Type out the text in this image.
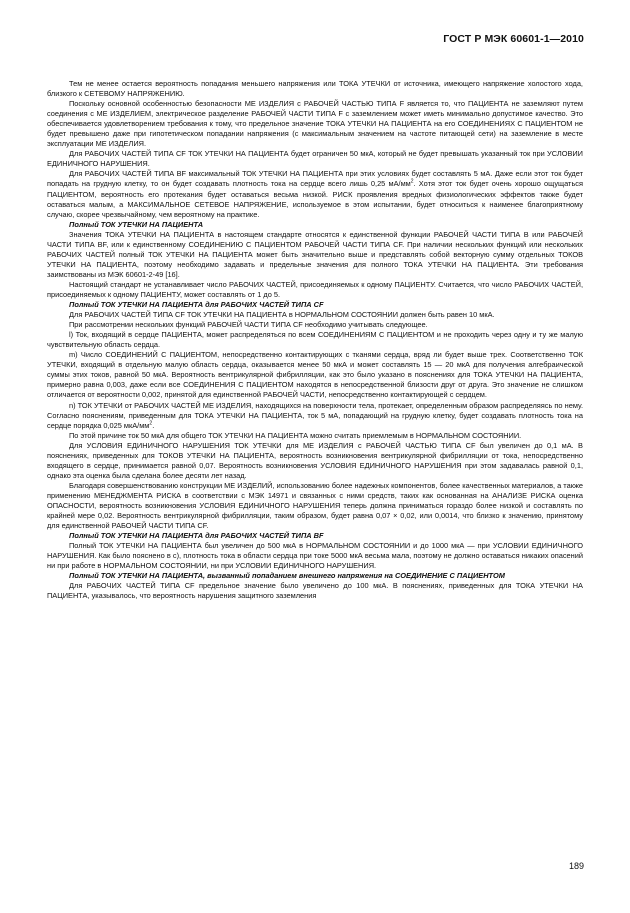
ГОСТ Р МЭК 60601-1—2010

Тем не менее остается вероятность попадания меньшего напряжения или ТОКА УТЕЧКИ от источника, имеющего напряжение холостого хода, близкого к СЕТЕВОМУ НАПРЯЖЕНИЮ.

Поскольку основной особенностью безопасности МЕ ИЗДЕЛИЯ с РАБОЧЕЙ ЧАСТЬЮ ТИПА F является то, что ПАЦИЕНТА не заземляют путем соединения с МЕ ИЗДЕЛИЕМ, электрическое разделение РАБОЧЕЙ ЧАСТИ ТИПА F с заземлением может иметь минимально допустимое качество. Это обеспечивается удовлетворением требования к тому, что предельное значение ТОКА УТЕЧКИ НА ПАЦИЕНТА на его СОЕДИНЕНИЯХ С ПАЦИЕНТОМ не будет превышено даже при гипотетическом попадании напряжения (с максимальным значением на частоте питающей сети) на заземление в месте эксплуатации МЕ ИЗДЕЛИЯ.

Для РАБОЧИХ ЧАСТЕЙ ТИПА CF ТОК УТЕЧКИ НА ПАЦИЕНТА будет ограничен 50 мкА, который не будет превышать указанный ток при УСЛОВИИ ЕДИНИЧНОГО НАРУШЕНИЯ.

Для РАБОЧИХ ЧАСТЕЙ ТИПА BF максимальный ТОК УТЕЧКИ НА ПАЦИЕНТА при этих условиях будет составлять 5 мА. Даже если этот ток будет попадать на грудную клетку, то он будет создавать плотность тока на сердце всего лишь 0,25 $мА/мм^2$. Хотя этот ток будет очень хорошо ощущаться ПАЦИЕНТОМ, вероятность его протекания будет оставаться весьма низкой. РИСК проявления вредных физиологических эффектов также будет оставаться малым, а МАКСИМАЛЬНОЕ СЕТЕВОЕ НАПРЯЖЕНИЕ, используемое в этом испытании, будет относиться к наименее благоприятному случаю, скорее чрезвычайному, чем вероятному на практике.

Полный ТОК УТЕЧКИ НА ПАЦИЕНТА

Значения ТОКА УТЕЧКИ НА ПАЦИЕНТА в настоящем стандарте относятся к единственной функции РАБОЧЕЙ ЧАСТИ ТИПА В или РАБОЧЕЙ ЧАСТИ ТИПА BF, или к единственному СОЕДИНЕНИЮ С ПАЦИЕНТОМ РАБОЧЕЙ ЧАСТИ ТИПА CF. При наличии нескольких функций или нескольких РАБОЧИХ ЧАСТЕЙ полный ТОК УТЕЧКИ НА ПАЦИЕНТА может быть значительно выше и представлять собой векторную сумму отдельных ТОКОВ УТЕЧКИ НА ПАЦИЕНТА, поэтому необходимо задавать и предельные значения для полного ТОКА УТЕЧКИ НА ПАЦИЕНТА. Эти требования заимствованы из МЭК 60601-2-49 [16].

Настоящий стандарт не устанавливает число РАБОЧИХ ЧАСТЕЙ, присоединяемых к одному ПАЦИЕНТУ. Считается, что число РАБОЧИХ ЧАСТЕЙ, присоединяемых к одному ПАЦИЕНТУ, может составлять от 1 до 5.

Полный ТОК УТЕЧКИ НА ПАЦИЕНТА для РАБОЧИХ ЧАСТЕЙ ТИПА CF

Для РАБОЧИХ ЧАСТЕЙ ТИПА CF ТОК УТЕЧКИ НА ПАЦИЕНТА в НОРМАЛЬНОМ СОСТОЯНИИ должен быть равен 10 мкА.

При рассмотрении нескольких функций РАБОЧЕЙ ЧАСТИ ТИПА CF необходимо учитывать следующее.

l) Ток, входящий в сердце ПАЦИЕНТА, может распределяться по всем СОЕДИНЕНИЯМ С ПАЦИЕНТОМ и не проходить через одну и ту же малую чувствительную область сердца.

m) Число СОЕДИНЕНИЙ С ПАЦИЕНТОМ, непосредственно контактирующих с тканями сердца, вряд ли будет выше трех. Соответственно ТОК УТЕЧКИ, входящий в отдельную малую область сердца, оказывается менее 50 мкА и может составлять 15 — 20 мкА для получения алгебраической суммы этих токов, равной 50 мкА. Вероятность вентрикулярной фибрилляции, как это было указано в пояснениях для ТОКА УТЕЧКИ НА ПАЦИЕНТА, примерно равна 0,003, даже если все СОЕДИНЕНИЯ С ПАЦИЕНТОМ находятся в непосредственной близости друг от друга. Это значение не слишком отличается от вероятности 0,002, принятой для единственной РАБОЧЕЙ ЧАСТИ, непосредственно контактирующей с сердцем.

n) ТОК УТЕЧКИ от РАБОЧИХ ЧАСТЕЙ МЕ ИЗДЕЛИЯ, находящихся на поверхности тела, протекает, определенным образом распределяясь по нему. Согласно пояснениям, приведенным для ТОКА УТЕЧКИ НА ПАЦИЕНТА, ток 5 мА, попадающий на грудную клетку, будет создавать плотность тока на сердце порядка 0,025 мкА/$мм^2$.

По этой причине ток 50 мкА для общего ТОК УТЕЧКИ НА ПАЦИЕНТА можно считать приемлемым в НОРМАЛЬНОМ СОСТОЯНИИ.

Для УСЛОВИЯ ЕДИНИЧНОГО НАРУШЕНИЯ ТОК УТЕЧКИ для МЕ ИЗДЕЛИЯ с РАБОЧЕЙ ЧАСТЬЮ ТИПА CF был увеличен до 0,1 мА. В пояснениях, приведенных для ТОКОВ УТЕЧКИ НА ПАЦИЕНТА, вероятность возникновения вентрикулярной фибрилляции от тока, непосредственно входящего в сердце, принимается равной 0,07. Вероятность возникновения УСЛОВИЯ ЕДИНИЧНОГО НАРУШЕНИЯ при этом задавалась равной 0,1, однако эта оценка была сделана более десяти лет назад.

Благодаря совершенствованию конструкции МЕ ИЗДЕЛИЙ, использованию более надежных компонентов, более качественных материалов, а также применению МЕНЕДЖМЕНТА РИСКА в соответствии с МЭК 14971 и связанных с ними средств, таких как основанная на АНАЛИЗЕ РИСКА оценка ОПАСНОСТИ, вероятность возникновения УСЛОВИЯ ЕДИНИЧНОГО НАРУШЕНИЯ теперь должна приниматься гораздо более низкой и составлять по крайней мере 0,02. Вероятность вентрикулярной фибрилляции, таким образом, будет равна 0,07 × 0,02, или 0,0014, что близко к значению, принятому для единственной РАБОЧЕЙ ЧАСТИ ТИПА CF.

Полный ТОК УТЕЧКИ НА ПАЦИЕНТА для РАБОЧИХ ЧАСТЕЙ ТИПА BF

Полный ТОК УТЕЧКИ НА ПАЦИЕНТА был увеличен до 500 мкА в НОРМАЛЬНОМ СОСТОЯНИИ и до 1000 мкА — при УСЛОВИИ ЕДИНИЧНОГО НАРУШЕНИЯ. Как было пояснено в с), плотность тока в области сердца при токе 5000 мкА весьма мала, поэтому не должно оставаться никаких опасений ни при работе в НОРМАЛЬНОМ СОСТОЯНИИ, ни при УСЛОВИИ ЕДИНИЧНОГО НАРУШЕНИЯ.

Полный ТОК УТЕЧКИ НА ПАЦИЕНТА, вызванный попаданием внешнего напряжения на СОЕДИНЕНИЕ С ПАЦИЕНТОМ

Для РАБОЧИХ ЧАСТЕЙ ТИПА CF предельное значение было увеличено до 100 мкА. В пояснениях, приведенных для ТОКА УТЕЧКИ НА ПАЦИЕНТА, указывалось, что вероятность нарушения защитного заземления

189
